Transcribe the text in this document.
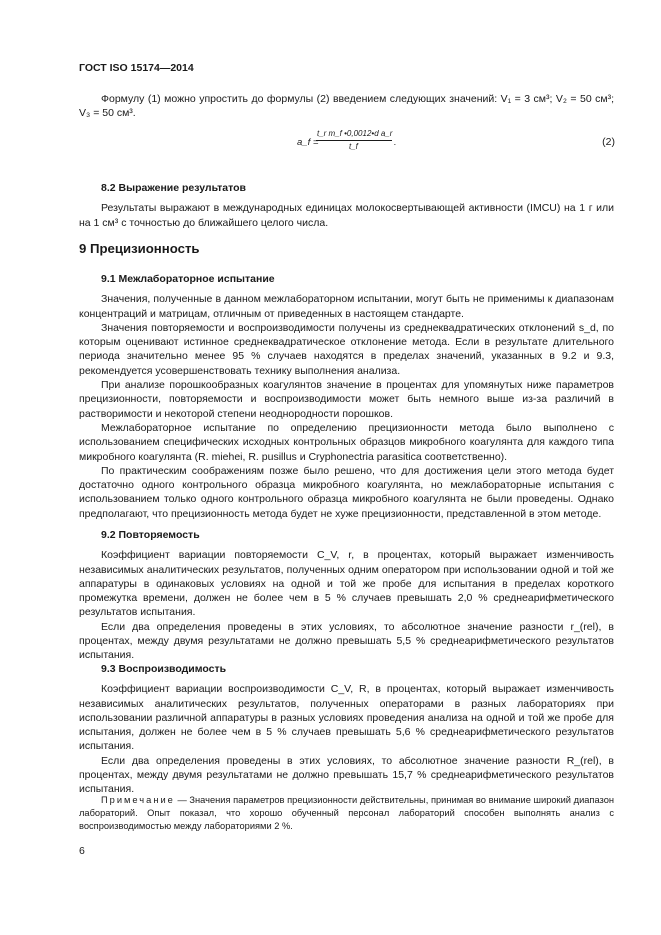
ГОСТ ISO 15174—2014

Формулу (1) можно упростить до формулы (2) введением следующих значений: V₁ = 3 см³; V₂ = 50 см³; V₃ = 50 см³.

a_f =
t_r m_f •0,0012•d a_r
t_f	.	(2)

8.2 Выражение результатов

Результаты выражают в международных единицах молокосвертывающей активности (IMCU) на 1 г или на 1 см³ с точностью до ближайшего целого числа.

9 Прецизионность

9.1 Межлабораторное испытание

Значения, полученные в данном межлабораторном испытании, могут быть не применимы к диапазонам концентраций и матрицам, отличным от приведенных в настоящем стандарте.

Значения повторяемости и воспроизводимости получены из среднеквадратических отклонений s_d, по которым оценивают истинное среднеквадратическое отклонение метода. Если в результате длительного периода значительно менее 95 % случаев находятся в пределах значений, указанных в 9.2 и 9.3, рекомендуется усовершенствовать технику выполнения анализа.

При анализе порошкообразных коагулянтов значение в процентах для упомянутых ниже параметров прецизионности, повторяемости и воспроизводимости может быть немного выше из-за различий в растворимости и некоторой степени неоднородности порошков.

Межлабораторное испытание по определению прецизионности метода было выполнено с использованием специфических исходных контрольных образцов микробного коагулянта для каждого типа микробного коагулянта (R. miehei, R. pusillus и Cryphonectria parasitica соответственно).

По практическим соображениям позже было решено, что для достижения цели этого метода будет достаточно одного контрольного образца микробного коагулянта, но межлабораторные испытания с использованием только одного контрольного образца микробного коагулянта не были проведены. Однако предполагают, что прецизионность метода будет не хуже прецизионности, представленной в этом методе.

9.2 Повторяемость

Коэффициент вариации повторяемости C_V, r, в процентах, который выражает изменчивость независимых аналитических результатов, полученных одним оператором при использовании одной и той же аппаратуры в одинаковых условиях на одной и той же пробе для испытания в пределах короткого промежутка времени, должен не более чем в 5 % случаев превышать 2,0 % среднеарифметического результатов испытания.

Если два определения проведены в этих условиях, то абсолютное значение разности r_(rel), в процентах, между двумя результатами не должно превышать 5,5 % среднеарифметического результатов испытания.

9.3 Воспроизводимость

Коэффициент вариации воспроизводимости C_V, R, в процентах, который выражает изменчивость независимых аналитических результатов, полученных операторами в разных лабораториях при использовании различной аппаратуры в разных условиях проведения анализа на одной и той же пробе для испытания, должен не более чем в 5 % случаев превышать 5,6 % среднеарифметического результатов испытания.

Если два определения проведены в этих условиях, то абсолютное значение разности R_(rel), в процентах, между двумя результатами не должно превышать 15,7 % среднеарифметического результатов испытания.

Примечание — Значения параметров прецизионности действительны, принимая во внимание широкий диапазон лабораторий. Опыт показал, что хорошо обученный персонал лабораторий способен выполнять анализ с воспроизводимостью между лабораториями 2 %.

6
